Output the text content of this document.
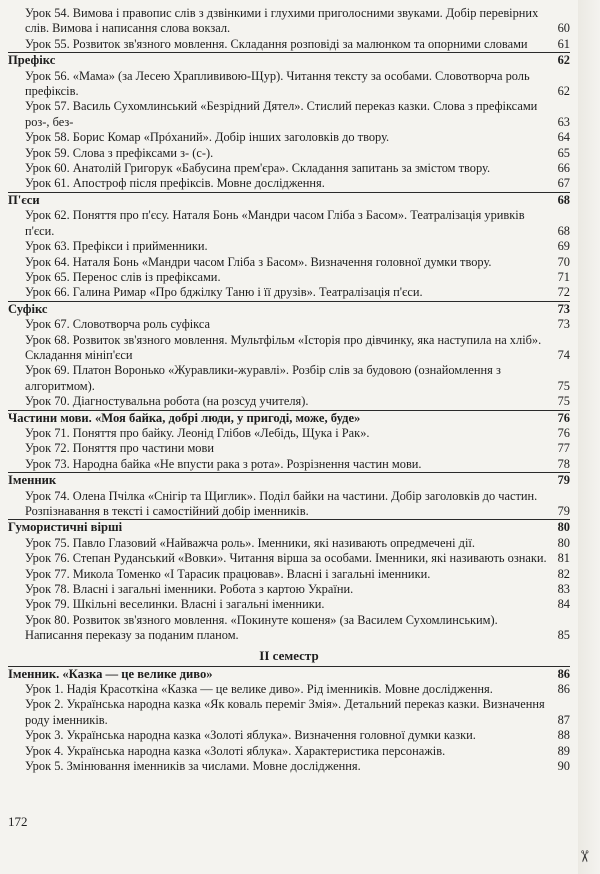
Урок 54. Вимова і правопис слів з дзвінкими і глухими приголосними звуками. Добір перевірних слів. Вимова і написання слова вокзал.	60
Урок 55. Розвиток зв'язного мовлення. Складання розповіді за малюнком та опорними словами 61
Префікс	62
Урок 56. «Мама» (за Лесею Храплививою-Щур). Читання тексту за особами. Словотворча роль префіксів.	62
Урок 57. Василь Сухомлинський «Безрідний Дятел». Стислий переказ казки. Слова з префіксами роз-, без-	63
Урок 58. Борис Комар «Прóханий». Добір інших заголовків до твору.	64
Урок 59. Слова з префіксами з- (с-).	65
Урок 60. Анатолій Григорук «Бабусина прем'єра». Складання запитань за змістом твору.	66
Урок 61. Апостроф після префіксів. Мовне дослідження.	67
П'єси	68
Урок 62. Поняття про п'єсу. Наталя Бонь «Мандри часом Гліба з Басом». Театралізація уривків п'єси.	68
Урок 63. Префікси і прийменники.	69
Урок 64. Наталя Бонь «Мандри часом Гліба з Басом». Визначення головної думки твору.	70
Урок 65. Перенос слів із префіксами.	71
Урок 66. Галина Римар «Про бджілку Таню і її друзів». Театралізація п'єси.	72
Суфікс	73
Урок 67. Словотворча роль суфікса	73
Урок 68. Розвиток зв'язного мовлення. Мультфільм «Історія про дівчинку, яка наступила на хліб». Складання мініп'єси	74
Урок 69. Платон Воронько «Журавлики-журавлі». Розбір слів за будовою (ознайомлення з алгоритмом).	75
Урок 70. Діагностувальна робота (на розсуд учителя).	75
Частини мови. «Моя байка, добрі люди, у пригоді, може, буде»	76
Урок 71. Поняття про байку. Леонід Глібов «Лебідь, Щука і Рак».	76
Урок 72. Поняття про частини мови	77
Урок 73. Народна байка «Не впусти рака з рота». Розрізнення частин мови.	78
Іменник	79
Урок 74. Олена Пчілка «Снігір та Щиглик». Поділ байки на частини. Добір заголовків до частин. Розпізнавання в тексті і самостійний добір іменників.	79
Гумористичні вірші	80
Урок 75. Павло Глазовий «Найважча роль». Іменники, які називають опредмечені дії.	80
Урок 76. Степан Руданський «Вовки». Читання вірша за особами. Іменники, які називають ознаки. 81
Урок 77. Микола Томенко «І Тарасик працював». Власні і загальні іменники.	82
Урок 78. Власні і загальні іменники. Робота з картою України.	83
Урок 79. Шкільні веселинки. Власні і загальні іменники.	84
Урок 80. Розвиток зв'язного мовлення. «Покинуте кошеня» (за Василем Сухомлинським). Написання переказу за поданим планом.	85
II семестр
Іменник. «Казка — це велике диво»	86
Урок 1. Надія Красоткіна «Казка — це велике диво». Рід іменників. Мовне дослідження.	86
Урок 2. Українська народна казка «Як коваль переміг Змія». Детальний переказ казки. Визначення роду іменників.	87
Урок 3. Українська народна казка «Золоті яблука». Визначення головної думки казки.	88
Урок 4. Українська народна казка «Золоті яблука». Характеристика персонажів.	89
Урок 5. Змінювання іменників за числами. Мовне дослідження.	90
172
✂
